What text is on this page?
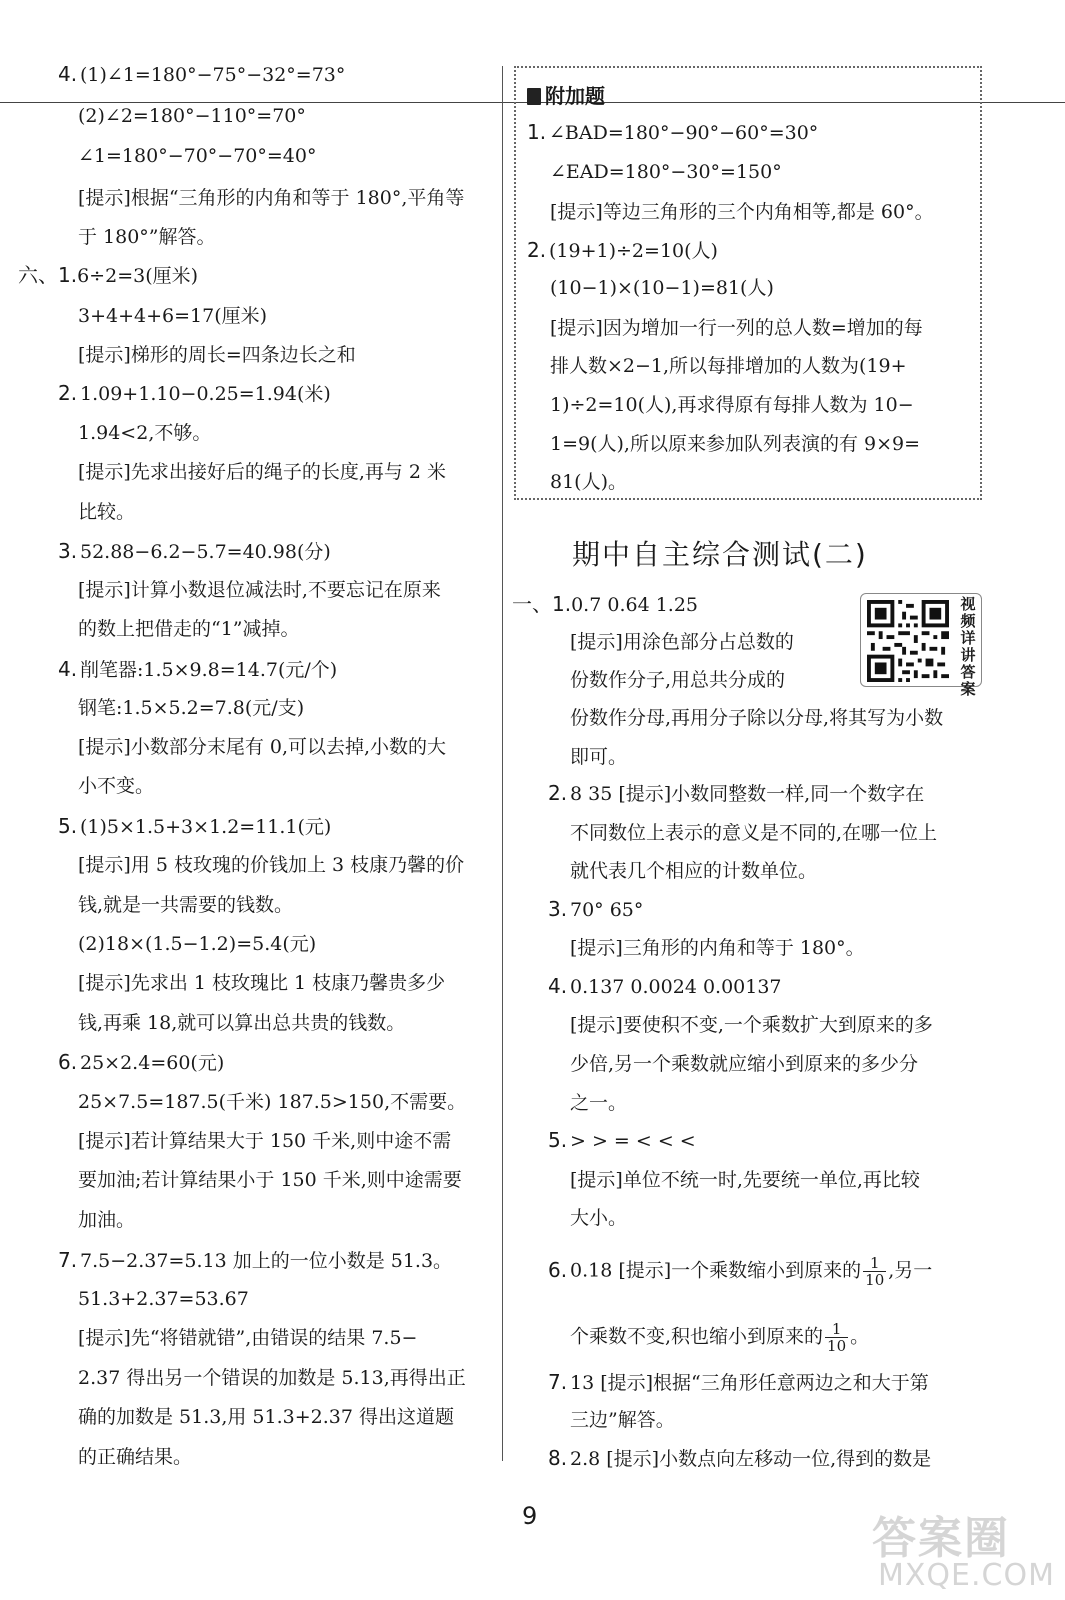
4. (1)∠1=180°−75°−32°=73°
(2)∠2=180°−110°=70°
∠1=180°−70°−70°=40°
[提示]根据“三角形的内角和等于 180°,平角等
于 180°”解答。
六、1.6÷2=3(厘米)
3+4+4+6=17(厘米)
[提示]梯形的周长=四条边长之和
2. 1.09+1.10−0.25=1.94(米)
1.94<2,不够。
[提示]先求出接好后的绳子的长度,再与 2 米
比较。
3. 52.88−6.2−5.7=40.98(分)
[提示]计算小数退位减法时,不要忘记在原来
的数上把借走的“1”减掉。
4. 削笔器:1.5×9.8=14.7(元/个)
钢笔:1.5×5.2=7.8(元/支)
[提示]小数部分末尾有 0,可以去掉,小数的大
小不变。
5. (1)5×1.5+3×1.2=11.1(元)
[提示]用 5 枝玫瑰的价钱加上 3 枝康乃馨的价
钱,就是一共需要的钱数。
(2)18×(1.5−1.2)=5.4(元)
[提示]先求出 1 枝玫瑰比 1 枝康乃馨贵多少
钱,再乘 18,就可以算出总共贵的钱数。
6. 25×2.4=60(元)
25×7.5=187.5(千米) 187.5>150,不需要。
[提示]若计算结果大于 150 千米,则中途不需
要加油;若计算结果小于 150 千米,则中途需要
加油。
7. 7.5−2.37=5.13 加上的一位小数是 51.3。
51.3+2.37=53.67
[提示]先“将错就错”,由错误的结果 7.5−
2.37 得出另一个错误的加数是 5.13,再得出正
确的加数是 51.3,用 51.3+2.37 得出这道题
的正确结果。
附加题
1. ∠BAD=180°−90°−60°=30°
∠EAD=180°−30°=150°
[提示]等边三角形的三个内角相等,都是 60°。
2. (19+1)÷2=10(人)
(10−1)×(10−1)=81(人)
[提示]因为增加一行一列的总人数=增加的每
排人数×2−1,所以每排增加的人数为(19+
1)÷2=10(人),再求得原有每排人数为 10−
1=9(人),所以原来参加队列表演的有 9×9=
81(人)。
期中自主综合测试(二)
视频详讲答案
一、1.0.7 0.64 1.25
[提示]用涂色部分占总数的
份数作分子,用总共分成的
份数作分母,再用分子除以分母,将其写为小数
即可。
2. 8 35 [提示]小数同整数一样,同一个数字在
不同数位上表示的意义是不同的,在哪一位上
就代表几个相应的计数单位。
3. 70° 65°
[提示]三角形的内角和等于 180°。
4. 0.137 0.0024 0.00137
[提示]要使积不变,一个乘数扩大到原来的多
少倍,另一个乘数就应缩小到原来的多少分
之一。
5. > > = < < <
[提示]单位不统一时,先要统一单位,再比较
大小。
6. 0.18 [提示]一个乘数缩小到原来的 $\frac{1}{10}$ ,另一
个乘数不变,积也缩小到原来的 $\frac{1}{10}$ 。
7. 13 [提示]根据“三角形任意两边之和大于第
三边”解答。
8. 2.8 [提示]小数点向左移动一位,得到的数是
9	答案圈
MXQE.COM
